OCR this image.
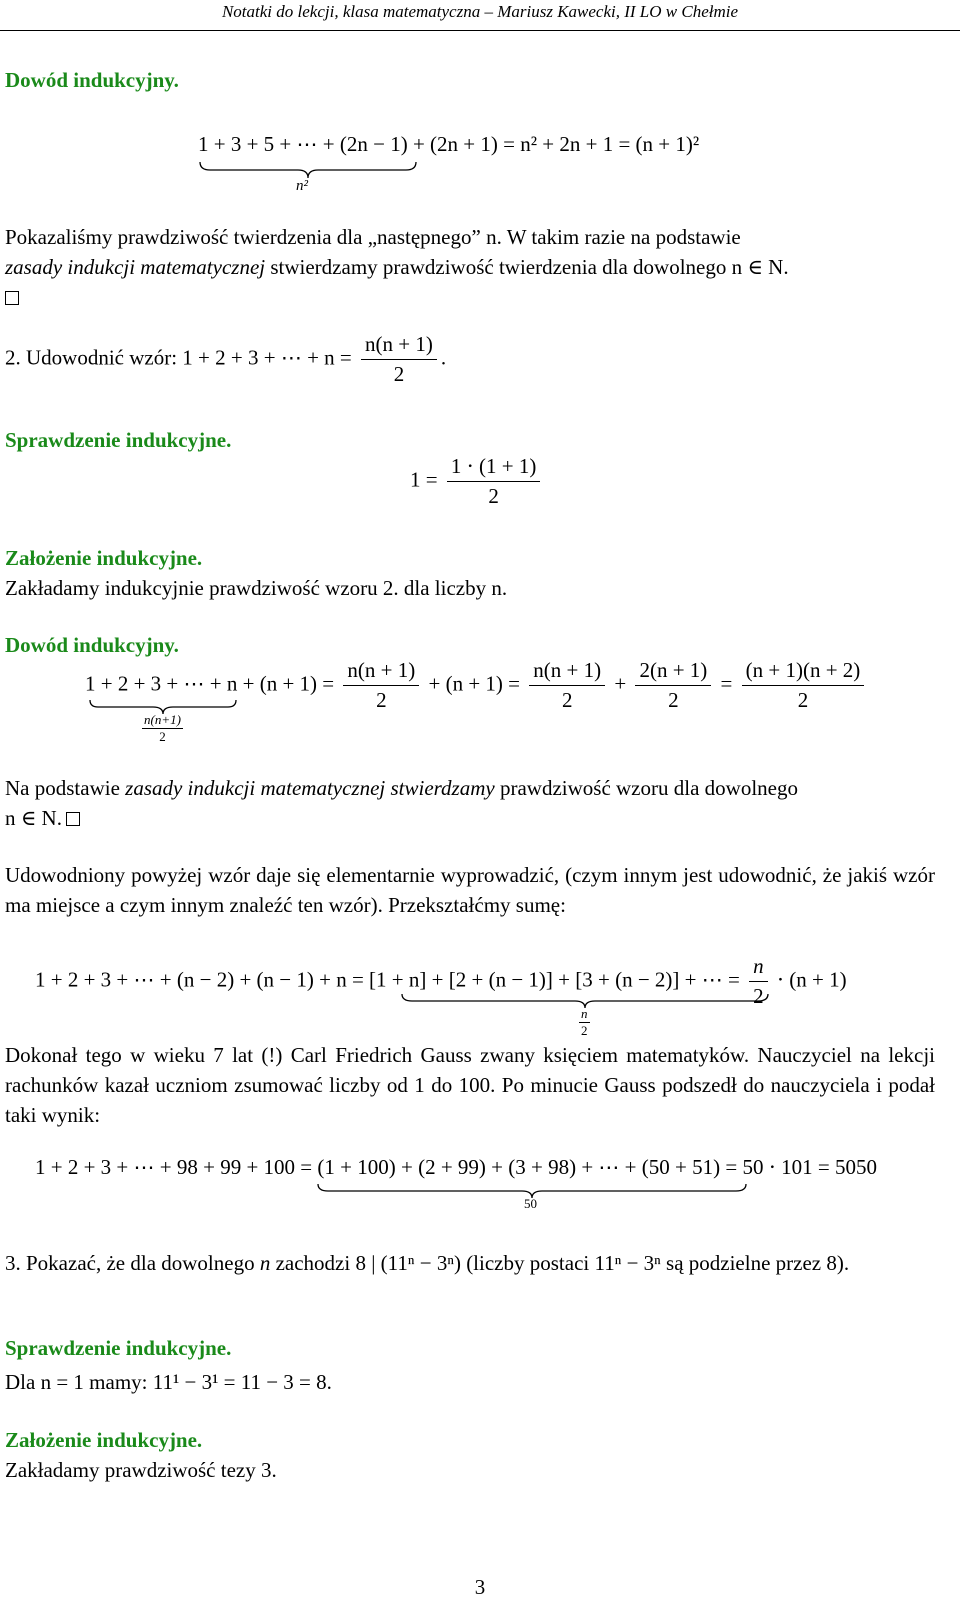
Notatki do lekcji, klasa matematyczna – Mariusz Kawecki, II LO w Chełmie
Dowód indukcyjny.
1 + 3 + 5 + ⋯ + (2n − 1) + (2n + 1) = n² + 2n + 1 = (n + 1)²
n²
Pokazaliśmy prawdziwość twierdzenia dla „następnego” n. W takim razie na podstawie
zasady indukcji matematycznej stwierdzamy prawdziwość twierdzenia dla dowolnego n ∈ N.
2. Udowodnić wzór: 1 + 2 + 3 + ⋯ + $n = \frac{n(n + 1)}{2}$ .
Sprawdzenie indukcyjne.
$1 = \frac{1 \cdot (1 + 1)}{2}$
Założenie indukcyjne.
Zakładamy indukcyjnie prawdziwość wzoru 2. dla liczby n.
Dowód indukcyjny.
1 + 2 + 3 + ⋯ + $n + (n + 1) = \frac{n(n + 1)}{2} + (n + 1) = \frac{n(n + 1)}{2} + \frac{2(n + 1)}{2} = \frac{(n + 1)(n + 2)}{2}$
n(n+1)
2
Na podstawie zasady indukcji matematycznej stwierdzamy prawdziwość wzoru dla dowolnego
n ∈ N.
Udowodniony powyżej wzór daje się elementarnie wyprowadzić, (czym innym jest udowodnić, że jakiś wzór ma miejsce a czym innym znaleźć ten wzór). Przekształćmy sumę:
1 + 2 + 3 + ⋯ + (n − 2) + (n − 1) + n = [1 + n] + [2 + (n − 1)] + [3 + (n − 2)] + ⋯ = $\frac{n}{2} \cdot (n + 1)$
n
2
Dokonał tego w wieku 7 lat (!) Carl Friedrich Gauss zwany księciem matematyków. Nauczyciel na lekcji rachunków kazał uczniom zsumować liczby od 1 do 100. Po minucie Gauss podszedł do nauczyciela i podał taki wynik:
1 + 2 + 3 + ⋯ + 98 + 99 + 100 = (1 + 100) + (2 + 99) + (3 + 98) + ⋯ + (50 + 51) = 50 ⋅ 101 = 5050
50
3. Pokazać, że dla dowolnego n zachodzi 8 | (11ⁿ − 3ⁿ) (liczby postaci 11ⁿ − 3ⁿ są podzielne przez 8).
Sprawdzenie indukcyjne.
Dla n = 1 mamy: 11¹ − 3¹ = 11 − 3 = 8.
Założenie indukcyjne.
Zakładamy prawdziwość tezy 3.
3
